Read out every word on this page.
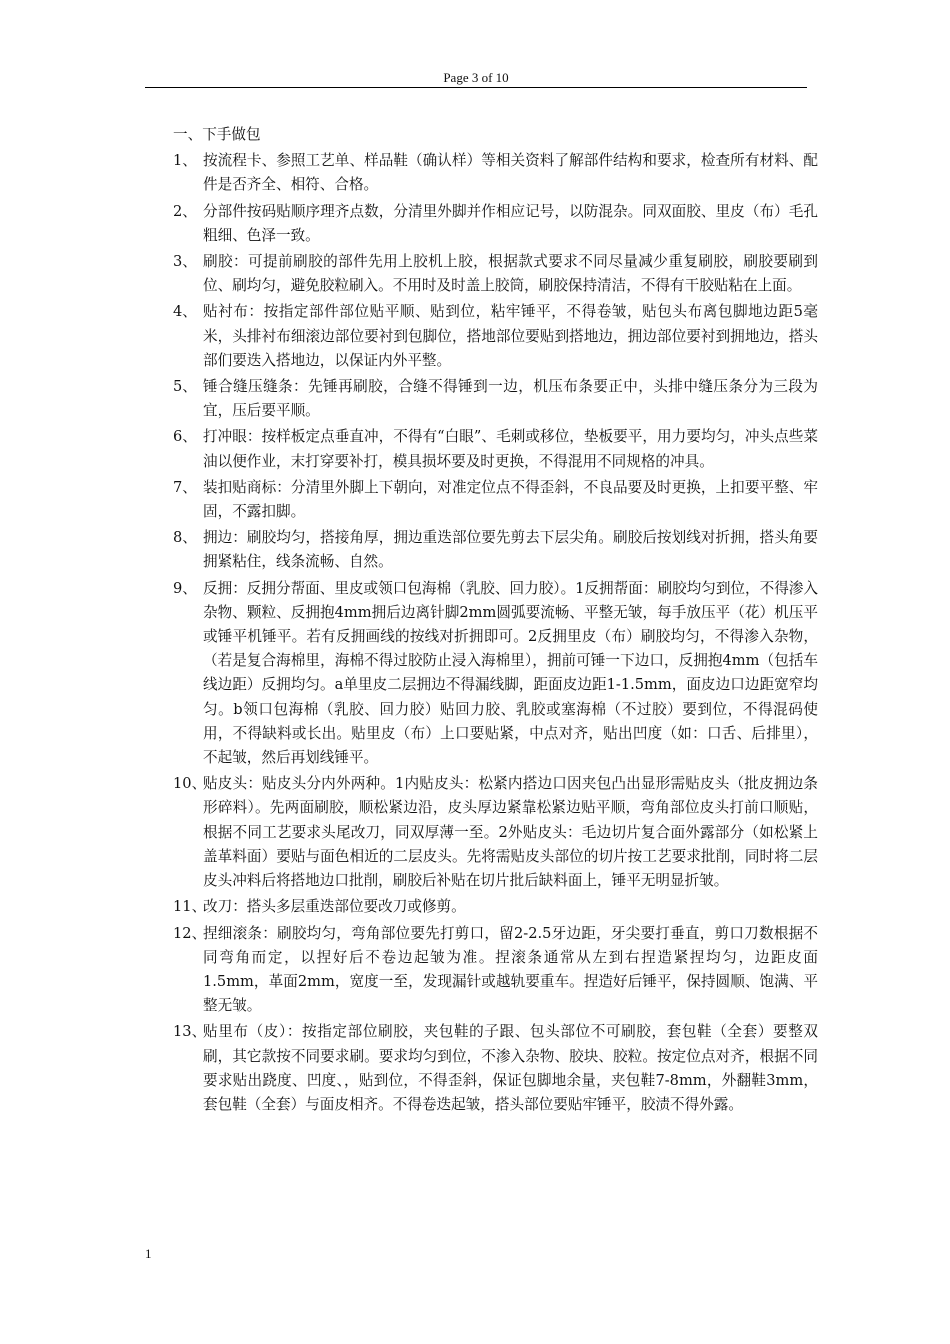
Page 3 of 10
一、下手做包
1、 按流程卡、参照工艺单、样品鞋（确认样）等相关资料了解部件结构和要求，检查所有材料、配件是否齐全、相符、合格。
2、 分部件按码贴顺序理齐点数，分清里外脚并作相应记号，以防混杂。同双面胶、里皮（布）毛孔粗细、色泽一致。
3、 刷胶：可提前刷胶的部件先用上胶机上胶，根据款式要求不同尽量减少重复刷胶，刷胶要刷到位、刷均匀，避免胶粒刷入。不用时及时盖上胶筒，刷胶保持清洁，不得有干胶贴粘在上面。
4、 贴衬布：按指定部件部位贴平顺、贴到位，粘牢锤平，不得卷皱，贴包头布离包脚地边距5毫米，头排衬布细滚边部位要衬到包脚位，搭地部位要贴到搭地边，拥边部位要衬到拥地边，搭头部们要迭入搭地边，以保证内外平整。
5、 锤合缝压缝条：先锤再刷胶，合缝不得锤到一边，机压布条要正中，头排中缝压条分为三段为宜，压后要平顺。
6、 打冲眼：按样板定点垂直冲，不得有“白眼”、毛刺或移位，垫板要平，用力要均匀，冲头点些菜油以便作业，末打穿要补打，模具损坏要及时更换，不得混用不同规格的冲具。
7、 装扣贴商标：分清里外脚上下朝向，对准定位点不得歪斜，不良品要及时更换，上扣要平整、牢固，不露扣脚。
8、 拥边：刷胶均匀，搭接角厚，拥边重迭部位要先剪去下层尖角。刷胶后按划线对折拥，搭头角要拥紧粘住，线条流畅、自然。
9、 反拥：反拥分帮面、里皮或领口包海棉（乳胶、回力胶）。1反拥帮面：刷胶均匀到位，不得渗入杂物、颗粒、反拥抱4mm拥后边离针脚2mm圆弧要流畅、平整无皱，每手放压平（花）机压平或锤平机锤平。若有反拥画线的按线对折拥即可。2反拥里皮（布）刷胶均匀，不得渗入杂物，（若是复合海棉里，海棉不得过胶防止浸入海棉里），拥前可锤一下边口，反拥抱4mm（包括车线边距）反拥均匀。a单里皮二层拥边不得漏线脚，距面皮边距1-1.5mm，面皮边口边距宽窄均匀。b领口包海棉（乳胶、回力胶）贴回力胶、乳胶或塞海棉（不过胶）要到位，不得混码使用，不得缺料或长出。贴里皮（布）上口要贴紧，中点对齐，贴出凹度（如：口舌、后排里），不起皱，然后再划线锤平。
10、
贴皮头：贴皮头分内外两种。1内贴皮头：松紧内搭边口因夹包凸出显形需贴皮头（批皮拥边条形碎料）。先两面刷胶，顺松紧边沿，皮头厚边紧靠松紧边贴平顺，弯角部位皮头打前口顺贴，根据不同工艺要求头尾改刀，同双厚薄一至。2外贴皮头：毛边切片复合面外露部分（如松紧上盖革料面）要贴与面色相近的二层皮头。先将需贴皮头部位的切片按工艺要求批削，同时将二层皮头冲料后将搭地边口批削，刷胶后补贴在切片批后缺料面上，锤平无明显折皱。
11、
改刀：搭头多层重迭部位要改刀或修剪。
12、
捏细滚条：刷胶均匀，弯角部位要先打剪口，留2-2.5牙边距，牙尖要打垂直，剪口刀数根据不同弯角而定，以捏好后不卷边起皱为准。捏滚条通常从左到右捏造紧捏均匀，边距皮面1.5mm，革面2mm，宽度一至，发现漏针或越轨要重车。捏造好后锤平，保持圆顺、饱满、平整无皱。
13、
贴里布（皮）：按指定部位刷胶，夹包鞋的子跟、包头部位不可刷胶，套包鞋（全套）要整双刷，其它款按不同要求刷。要求均匀到位，不渗入杂物、胶块、胶粒。按定位点对齐，根据不同要求贴出跷度、凹度、，贴到位，不得歪斜，保证包脚地余量，夹包鞋7-8mm，外翻鞋3mm，套包鞋（全套）与面皮相齐。不得卷迭起皱，搭头部位要贴牢锤平，胶渍不得外露。
1
